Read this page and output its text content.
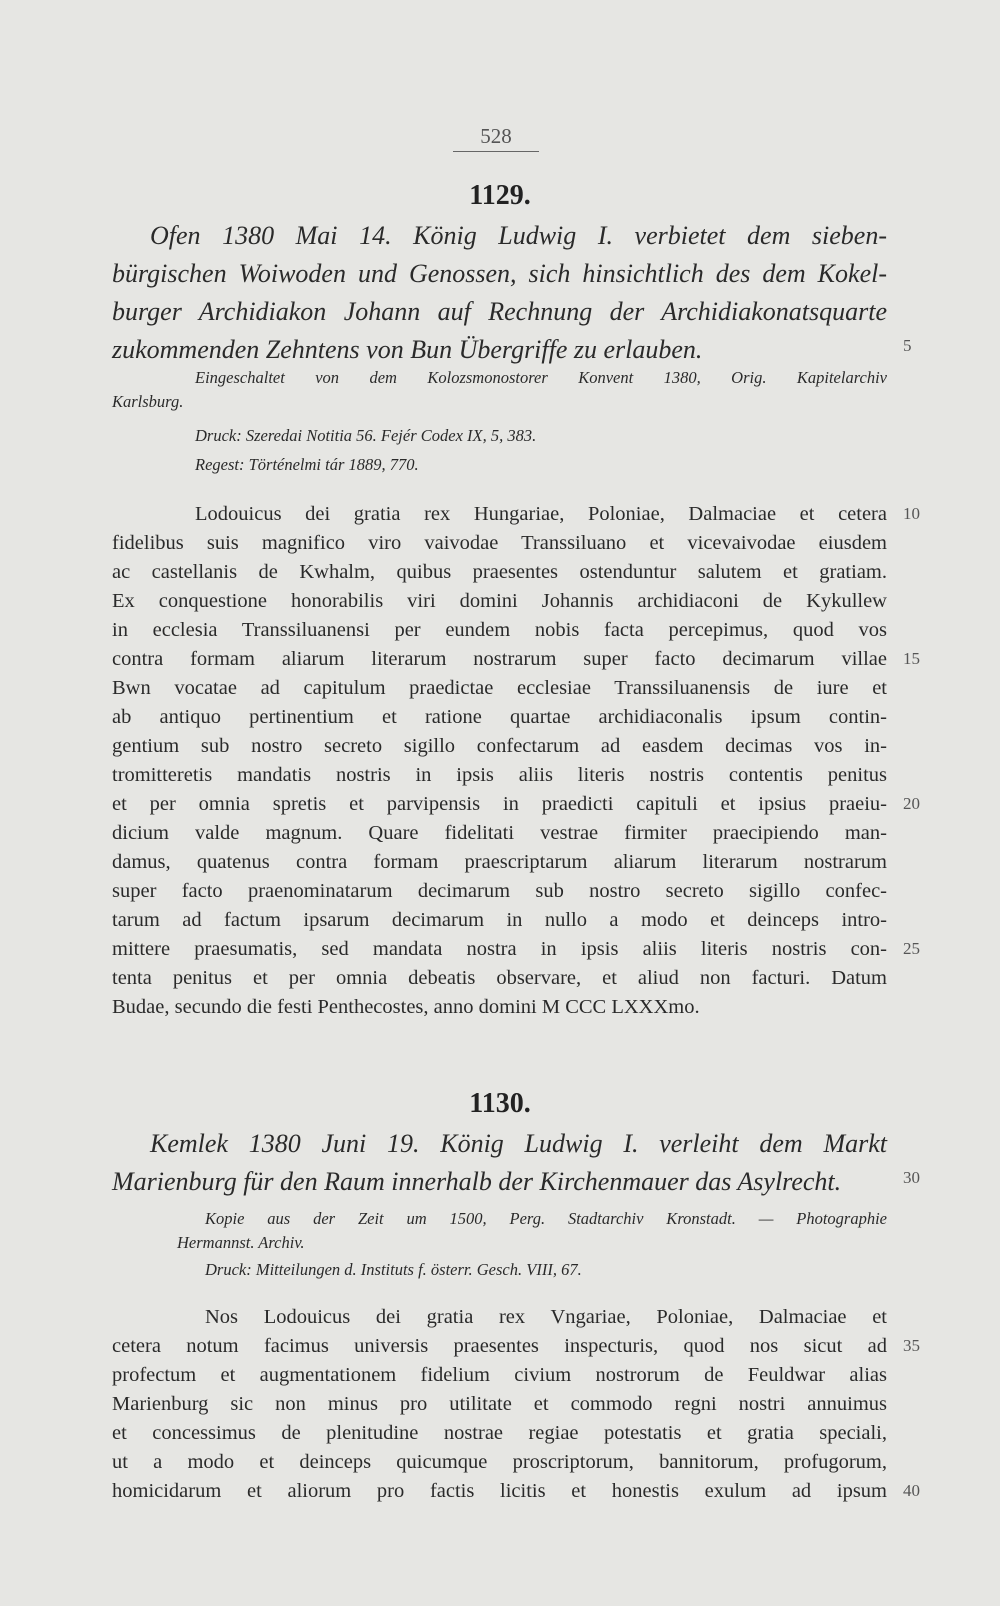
528
1129.
Ofen 1380 Mai 14. König Ludwig I. verbietet dem sieben-
bürgischen Woiwoden und Genossen, sich hinsichtlich des dem Kokel-
burger Archidiakon Johann auf Rechnung der Archidiakonatsquarte
zukommenden Zehntens von Bun Übergriffe zu erlauben.
Eingeschaltet von dem Kolozsmonostorer Konvent 1380, Orig. Kapitelarchiv
Karlsburg.
Druck: Szeredai Notitia 56. Fejér Codex IX, 5, 383.
Regest: Történelmi tár 1889, 770.
Lodouicus dei gratia rex Hungariae, Poloniae, Dalmaciae et cetera
fidelibus suis magnifico viro vaivodae Transsiluano et vicevaivodae eiusdem
ac castellanis de Kwhalm, quibus praesentes ostenduntur salutem et gratiam.
Ex conquestione honorabilis viri domini Johannis archidiaconi de Kykullew
in ecclesia Transsiluanensi per eundem nobis facta percepimus, quod vos
contra formam aliarum literarum nostrarum super facto decimarum villae
Bwn vocatae ad capitulum praedictae ecclesiae Transsiluanensis de iure et
ab antiquo pertinentium et ratione quartae archidiaconalis ipsum contin-
gentium sub nostro secreto sigillo confectarum ad easdem decimas vos in-
tromitteretis mandatis nostris in ipsis aliis literis nostris contentis penitus
et per omnia spretis et parvipensis in praedicti capituli et ipsius praeiu-
dicium valde magnum. Quare fidelitati vestrae firmiter praecipiendo man-
damus, quatenus contra formam praescriptarum aliarum literarum nostrarum
super facto praenominatarum decimarum sub nostro secreto sigillo confec-
tarum ad factum ipsarum decimarum in nullo a modo et deinceps intro-
mittere praesumatis, sed mandata nostra in ipsis aliis literis nostris con-
tenta penitus et per omnia debeatis observare, et aliud non facturi. Datum
Budae, secundo die festi Penthecostes, anno domini M CCC LXXXmo.
1130.
Kemlek 1380 Juni 19. König Ludwig I. verleiht dem Markt
Marienburg für den Raum innerhalb der Kirchenmauer das Asylrecht.
Kopie aus der Zeit um 1500, Perg. Stadtarchiv Kronstadt. — Photographie
Hermannst. Archiv.
Druck: Mitteilungen d. Instituts f. österr. Gesch. VIII, 67.
Nos Lodouicus dei gratia rex Vngariae, Poloniae, Dalmaciae et
cetera notum facimus universis praesentes inspecturis, quod nos sicut ad
profectum et augmentationem fidelium civium nostrorum de Feuldwar alias
Marienburg sic non minus pro utilitate et commodo regni nostri annuimus
et concessimus de plenitudine nostrae regiae potestatis et gratia speciali,
ut a modo et deinceps quicumque proscriptorum, bannitorum, profugorum,
homicidarum et aliorum pro factis licitis et honestis exulum ad ipsum
5
10
15
20
25
30
35
40
